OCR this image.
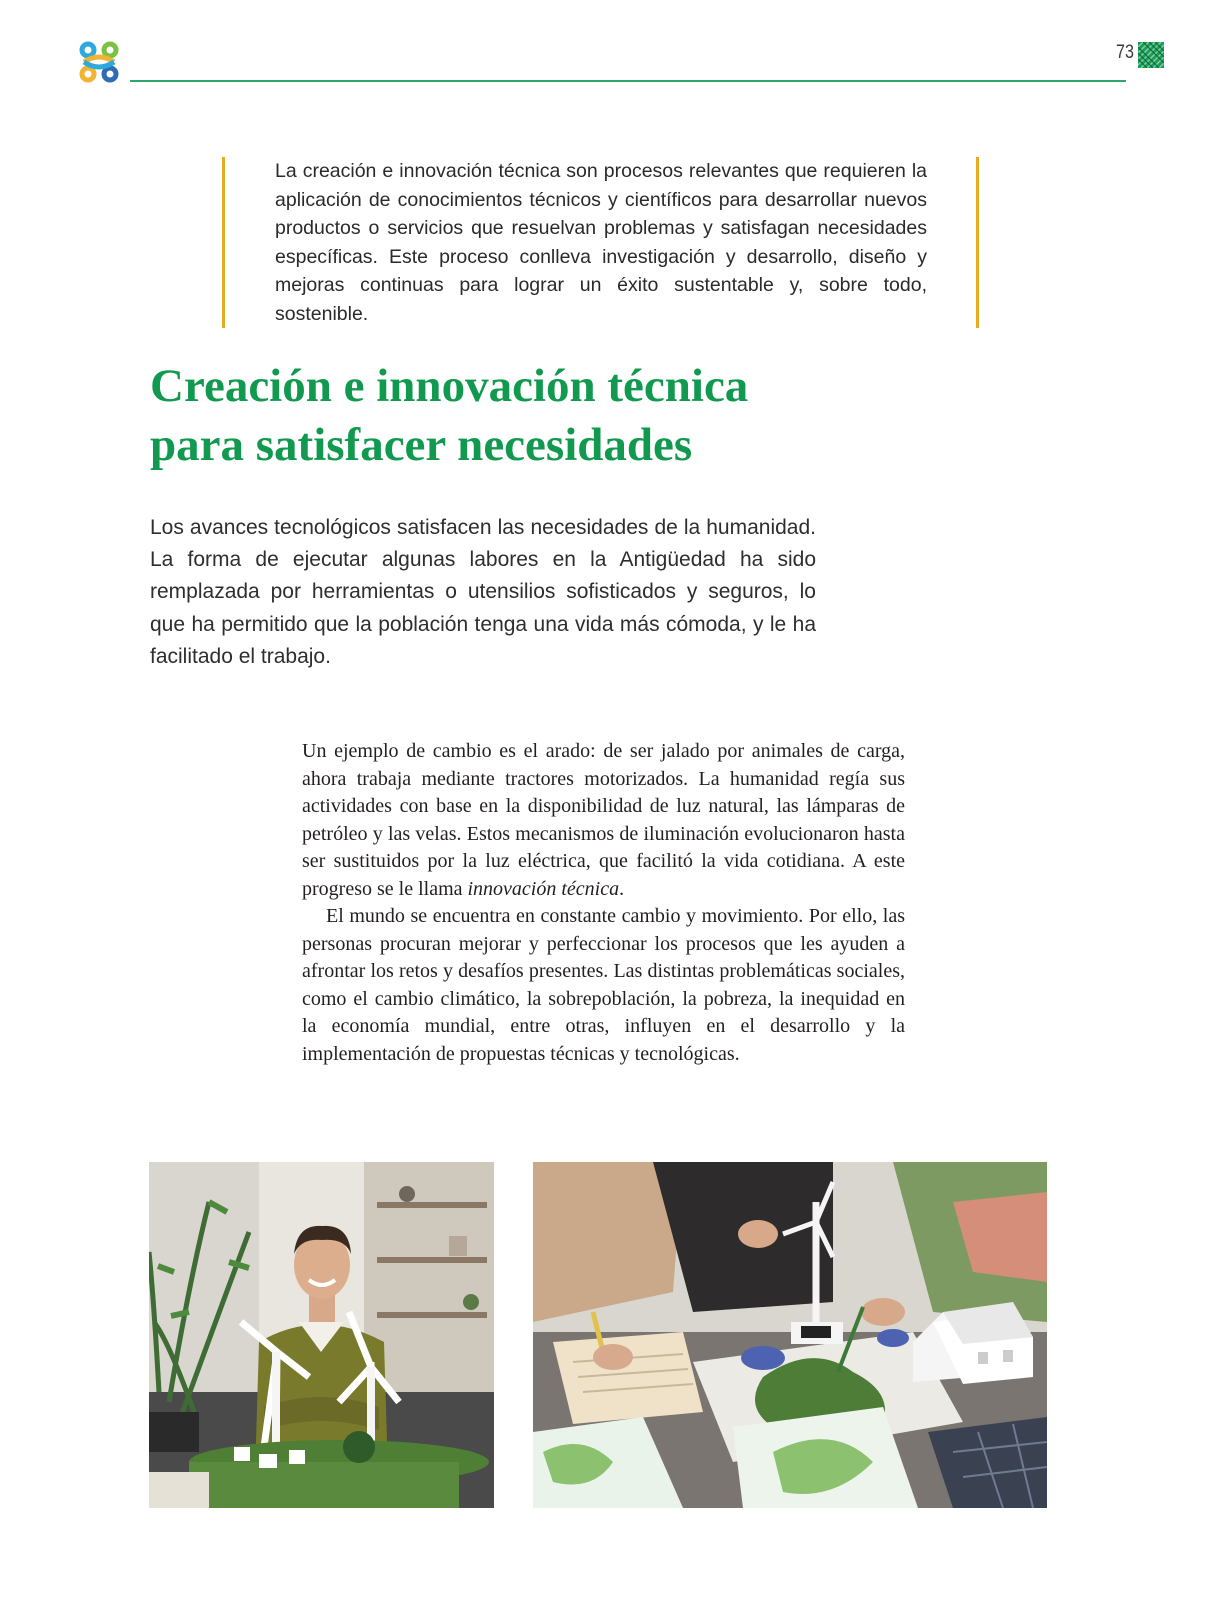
73

La creación e innovación técnica son procesos relevantes que requieren la aplicación de conocimientos técnicos y científicos para desarrollar nuevos productos o servicios que resuelvan problemas y satisfagan necesidades específicas. Este proceso conlleva investigación y desarrollo, diseño y mejoras continuas para lograr un éxito sustentable y, sobre todo, sostenible.

Creación e innovación técnica
para satisfacer necesidades

Los avances tecnológicos satisfacen las necesidades de la humanidad. La forma de ejecutar algunas labores en la Antigüedad ha sido remplazada por herramientas o utensilios sofisticados y seguros, lo que ha permitido que la población tenga una vida más cómoda, y le ha facilitado el trabajo.

Un ejemplo de cambio es el arado: de ser jalado por animales de carga, ahora trabaja mediante tractores motorizados. La humanidad regía sus actividades con base en la disponibilidad de luz natural, las lámparas de petróleo y las velas. Estos mecanismos de iluminación evolucionaron hasta ser sustituidos por la luz eléctrica, que facilitó la vida cotidiana. A este progreso se le llama innovación técnica.

El mundo se encuentra en constante cambio y movimiento. Por ello, las personas procuran mejorar y perfeccionar los procesos que les ayuden a afrontar los retos y desafíos presentes. Las distintas problemáticas sociales, como el cambio climático, la sobrepoblación, la pobreza, la inequidad en la economía mundial, entre otras, influyen en el desarrollo y la implementación de propuestas técnicas y tecnológicas.
